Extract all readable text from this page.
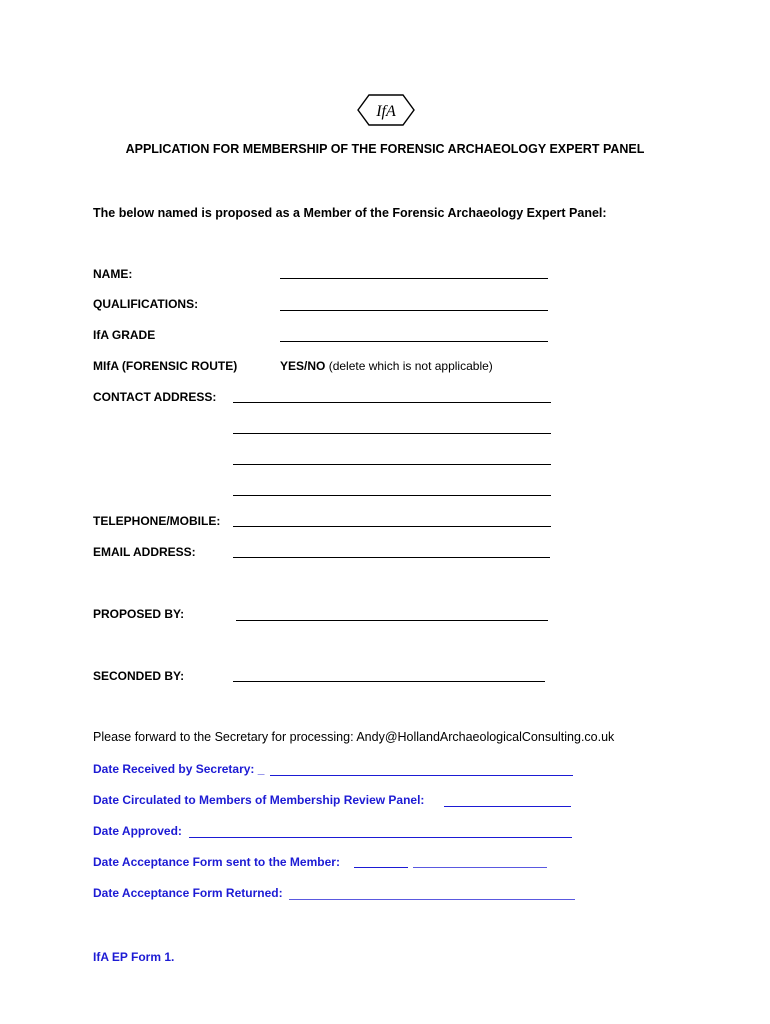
IfA
APPLICATION FOR MEMBERSHIP OF THE FORENSIC ARCHAEOLOGY EXPERT PANEL
The below named is proposed as a Member of the Forensic Archaeology Expert Panel:
NAME:
QUALIFICATIONS:
IfA GRADE
MIfA (FORENSIC ROUTE)	YES/NO (delete which is not applicable)
CONTACT ADDRESS:
TELEPHONE/MOBILE:
EMAIL ADDRESS:
PROPOSED BY:
SECONDED BY:
Please forward to the Secretary for processing: Andy@HollandArchaeologicalConsulting.co.uk
Date Received by Secretary: _
Date Circulated to Members of Membership Review Panel:
Date Approved:
Date Acceptance Form sent to the Member:
Date Acceptance Form Returned:
IfA EP Form 1.
